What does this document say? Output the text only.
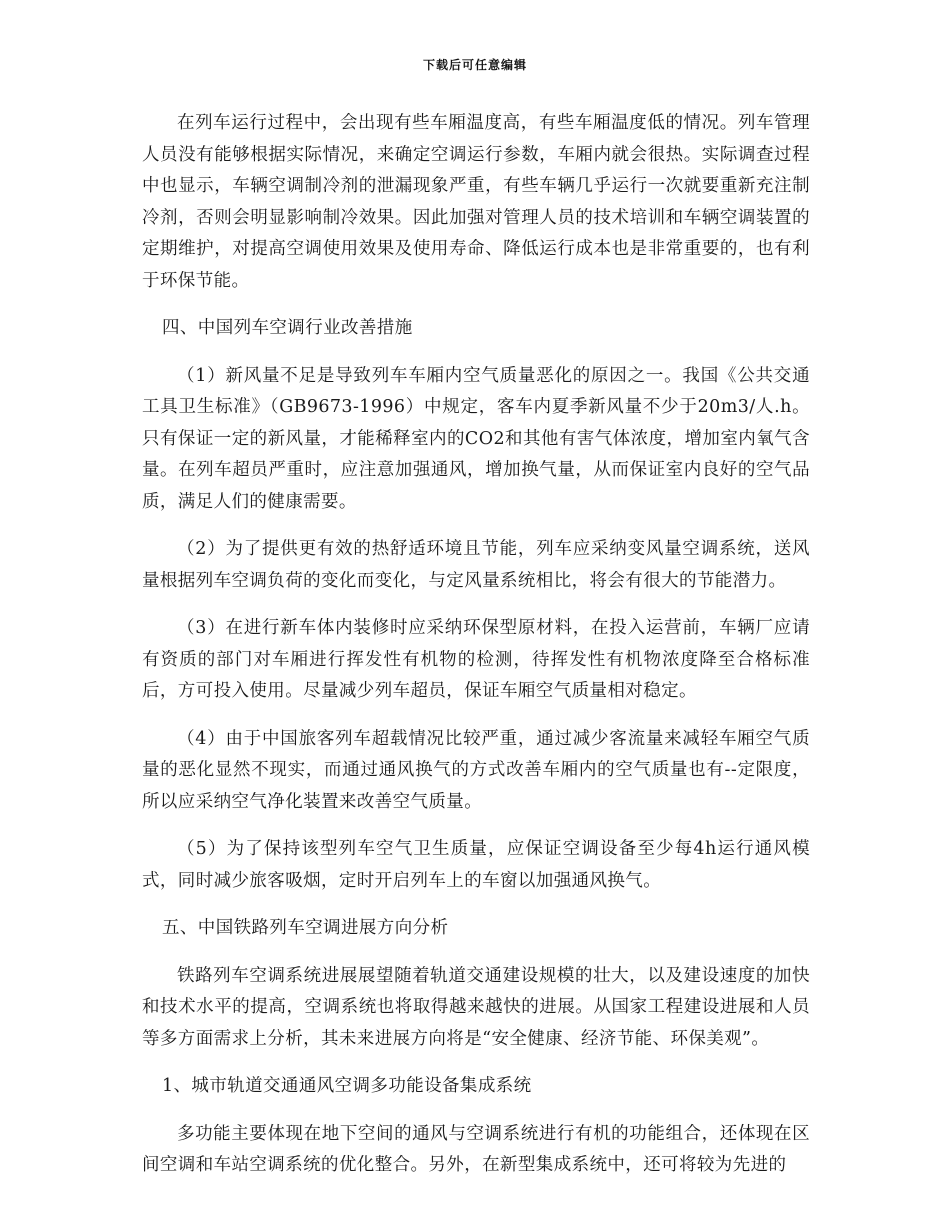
下载后可任意编辑

在列车运行过程中，会出现有些车厢温度高，有些车厢温度低的情况。列车管理人员没有能够根据实际情况，来确定空调运行参数，车厢内就会很热。实际调查过程中也显示，车辆空调制冷剂的泄漏现象严重，有些车辆几乎运行一次就要重新充注制冷剂，否则会明显影响制冷效果。因此加强对管理人员的技术培训和车辆空调装置的定期维护，对提高空调使用效果及使用寿命、降低运行成本也是非常重要的，也有利于环保节能。

四、中国列车空调行业改善措施

（1）新风量不足是导致列车车厢内空气质量恶化的原因之一。我国《公共交通工具卫生标准》（GB9673-1996）中规定，客车内夏季新风量不少于20m3/人.h。只有保证一定的新风量，才能稀释室内的CO2和其他有害气体浓度，增加室内氧气含量。在列车超员严重时，应注意加强通风，增加换气量，从而保证室内良好的空气品质，满足人们的健康需要。

（2）为了提供更有效的热舒适环境且节能，列车应采纳变风量空调系统，送风量根据列车空调负荷的变化而变化，与定风量系统相比，将会有很大的节能潜力。

（3）在进行新车体内装修时应采纳环保型原材料，在投入运营前，车辆厂应请有资质的部门对车厢进行挥发性有机物的检测，待挥发性有机物浓度降至合格标准后，方可投入使用。尽量减少列车超员，保证车厢空气质量相对稳定。

（4）由于中国旅客列车超载情况比较严重，通过减少客流量来减轻车厢空气质量的恶化显然不现实，而通过通风换气的方式改善车厢内的空气质量也有--定限度，所以应采纳空气净化装置来改善空气质量。

（5）为了保持该型列车空气卫生质量，应保证空调设备至少每4h运行通风模式，同时减少旅客吸烟，定时开启列车上的车窗以加强通风换气。

五、中国铁路列车空调进展方向分析

铁路列车空调系统进展展望随着轨道交通建设规模的壮大，以及建设速度的加快和技术水平的提高，空调系统也将取得越来越快的进展。从国家工程建设进展和人员等多方面需求上分析，其未来进展方向将是“安全健康、经济节能、环保美观”。

1、城市轨道交通通风空调多功能设备集成系统

多功能主要体现在地下空间的通风与空调系统进行有机的功能组合，还体现在区间空调和车站空调系统的优化整合。另外，在新型集成系统中，还可将较为先进的
